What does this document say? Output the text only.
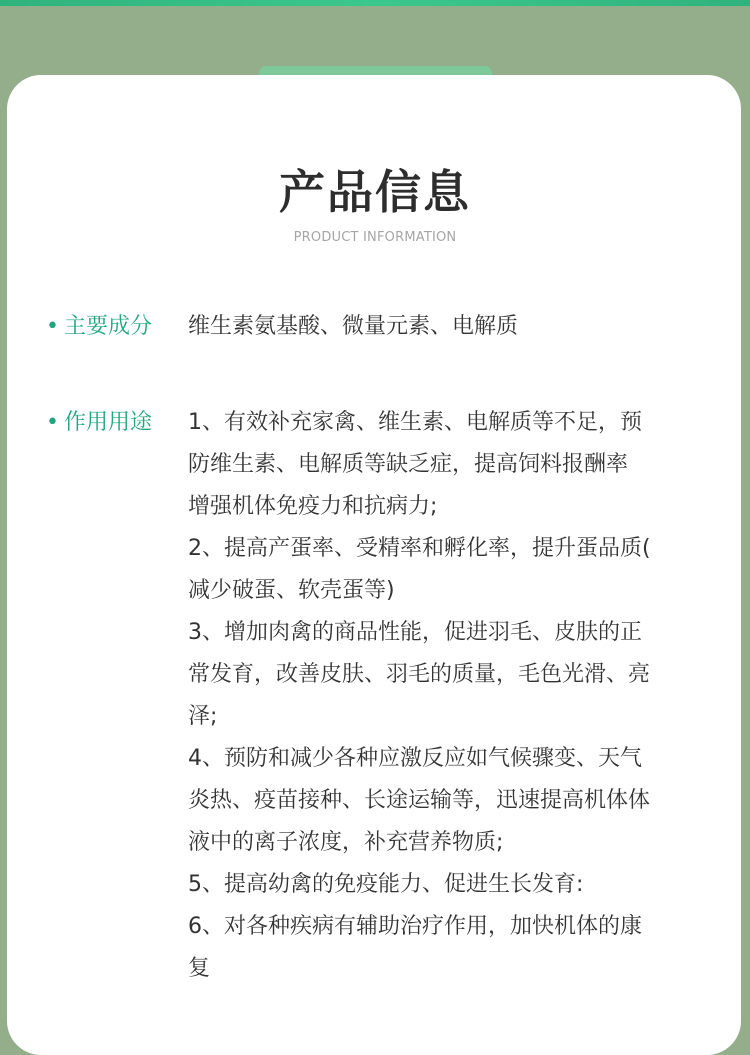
产品信息
PRODUCT INFORMATION
• 主要成分 维生素氨基酸、微量元素、电解质
• 作用用途 1、有效补充家禽、维生素、电解质等不足，预
防维生素、电解质等缺乏症，提高饲料报酬率
增强机体免疫力和抗病力;
2、提高产蛋率、受精率和孵化率，提升蛋品质(
减少破蛋、软壳蛋等)
3、增加肉禽的商品性能，促进羽毛、皮肤的正
常发育，改善皮肤、羽毛的质量，毛色光滑、亮
泽;
4、预防和减少各种应激反应如气候骤变、天气
炎热、疫苗接种、长途运输等，迅速提高机体体
液中的离子浓度，补充营养物质;
5、提高幼禽的免疫能力、促进生长发育:
6、对各种疾病有辅助治疗作用，加快机体的康
复
